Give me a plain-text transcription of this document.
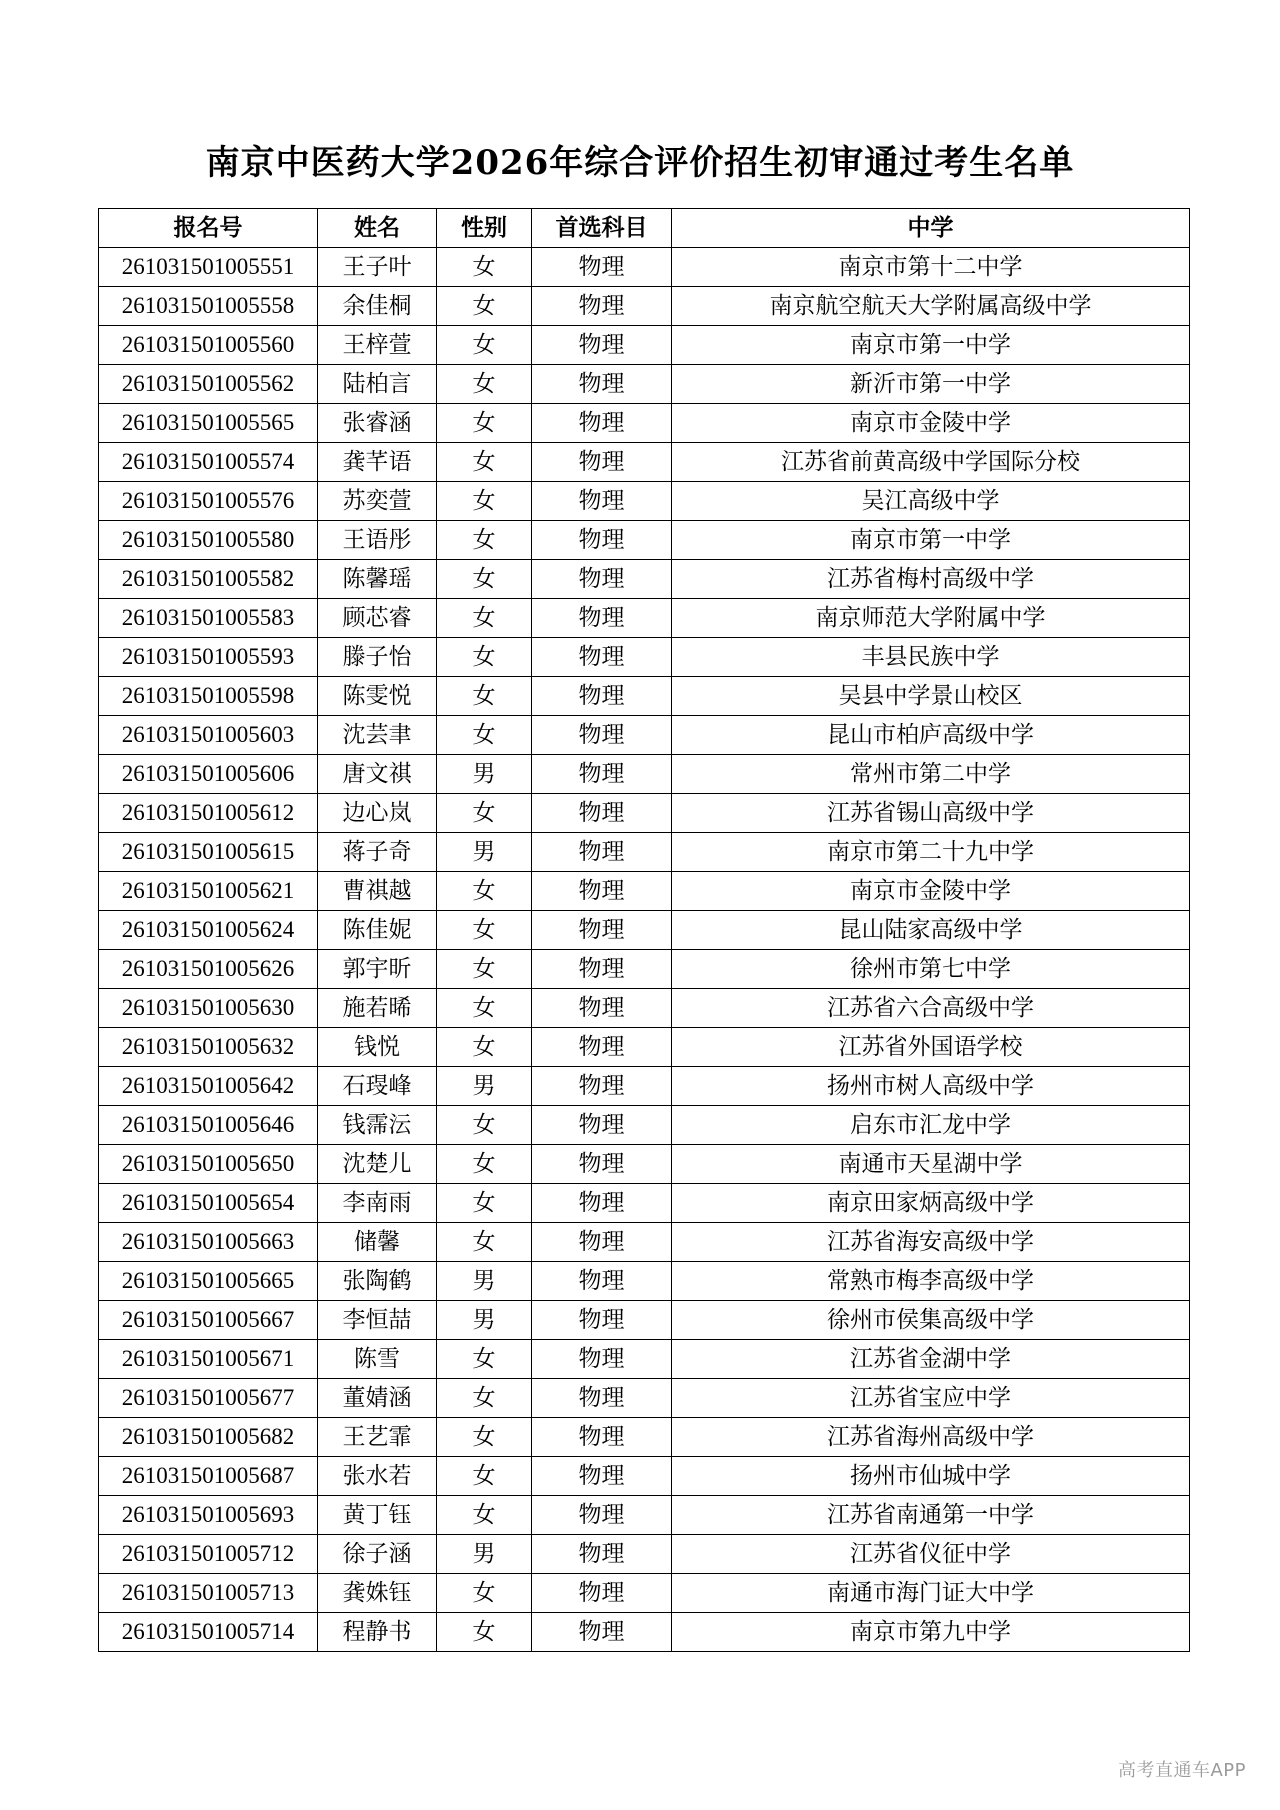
南京中医药大学2026年综合评价招生初审通过考生名单
报名号	姓名	性别	首选科目	中学
261031501005551	王子叶	女	物理	南京市第十二中学
261031501005558	余佳桐	女	物理	南京航空航天大学附属高级中学
261031501005560	王梓萱	女	物理	南京市第一中学
261031501005562	陆柏言	女	物理	新沂市第一中学
261031501005565	张睿涵	女	物理	南京市金陵中学
261031501005574	龚芊语	女	物理	江苏省前黄高级中学国际分校
261031501005576	苏奕萱	女	物理	吴江高级中学
261031501005580	王语彤	女	物理	南京市第一中学
261031501005582	陈馨瑶	女	物理	江苏省梅村高级中学
261031501005583	顾芯睿	女	物理	南京师范大学附属中学
261031501005593	滕子怡	女	物理	丰县民族中学
261031501005598	陈雯悦	女	物理	吴县中学景山校区
261031501005603	沈芸聿	女	物理	昆山市柏庐高级中学
261031501005606	唐文祺	男	物理	常州市第二中学
261031501005612	边心岚	女	物理	江苏省锡山高级中学
261031501005615	蒋子奇	男	物理	南京市第二十九中学
261031501005621	曹祺越	女	物理	南京市金陵中学
261031501005624	陈佳妮	女	物理	昆山陆家高级中学
261031501005626	郭宇昕	女	物理	徐州市第七中学
261031501005630	施若晞	女	物理	江苏省六合高级中学
261031501005632	钱悦	女	物理	江苏省外国语学校
261031501005642	石琝峰	男	物理	扬州市树人高级中学
261031501005646	钱霈沄	女	物理	启东市汇龙中学
261031501005650	沈楚儿	女	物理	南通市天星湖中学
261031501005654	李南雨	女	物理	南京田家炳高级中学
261031501005663	储馨	女	物理	江苏省海安高级中学
261031501005665	张陶鹤	男	物理	常熟市梅李高级中学
261031501005667	李恒喆	男	物理	徐州市侯集高级中学
261031501005671	陈雪	女	物理	江苏省金湖中学
261031501005677	董婧涵	女	物理	江苏省宝应中学
261031501005682	王艺霏	女	物理	江苏省海州高级中学
261031501005687	张水若	女	物理	扬州市仙城中学
261031501005693	黄丁钰	女	物理	江苏省南通第一中学
261031501005712	徐子涵	男	物理	江苏省仪征中学
261031501005713	龚姝钰	女	物理	南通市海门证大中学
261031501005714	程静书	女	物理	南京市第九中学
高考直通车APP
